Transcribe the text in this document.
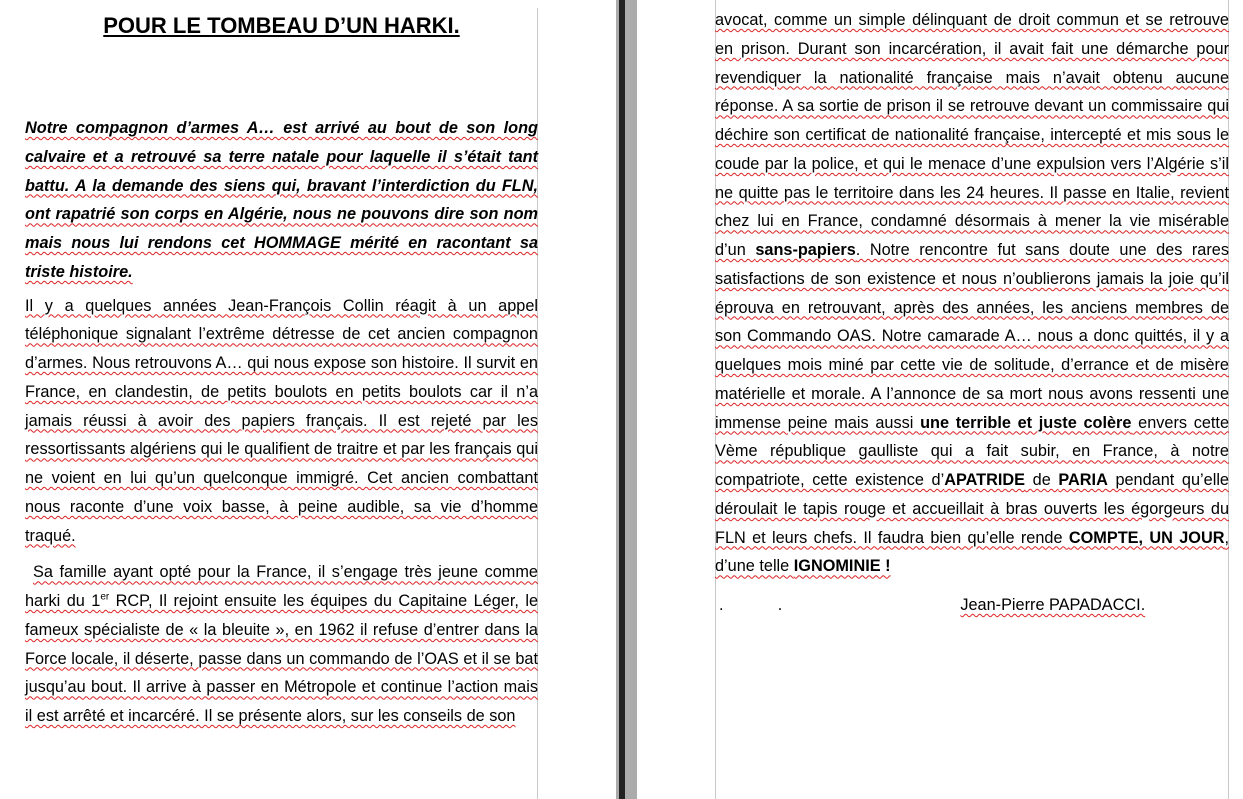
POUR LE TOMBEAU D’UN HARKI.

Notre compagnon d’armes A… est arrivé au bout de son long calvaire et a retrouvé sa terre natale pour laquelle il s’était tant battu. A la demande des siens qui, bravant l’interdiction du FLN, ont rapatrié son corps en Algérie, nous ne pouvons dire son nom mais nous lui rendons cet HOMMAGE mérité en racontant sa triste histoire.

Il y a quelques années Jean-François Collin réagit à un appel téléphonique signalant l’extrême détresse de cet ancien compagnon d’armes. Nous retrouvons A… qui nous expose son histoire. Il survit en France, en clandestin, de petits boulots en petits boulots car il n’a jamais réussi à avoir des papiers français. Il est rejeté par les ressortissants algériens qui le qualifient de traitre et par les français qui ne voient en lui qu’un quelconque immigré. Cet ancien combattant nous raconte d’une voix basse, à peine audible, sa vie d’homme traqué.

Sa famille ayant opté pour la France, il s’engage très jeune comme harki du 1er RCP, Il rejoint ensuite les équipes du Capitaine Léger, le fameux spécialiste de « la bleuite », en 1962 il refuse d’entrer dans la Force locale, il déserte, passe dans un commando de l’OAS et il se bat jusqu’au bout. Il arrive à passer en Métropole et continue l’action mais il est arrêté et incarcéré. Il se présente alors, sur les conseils de son

avocat, comme un simple délinquant de droit commun et se retrouve en prison. Durant son incarcération, il avait fait une démarche pour revendiquer la nationalité française mais n’avait obtenu aucune réponse. A sa sortie de prison il se retrouve devant un commissaire qui déchire son certificat de nationalité française, intercepté et mis sous le coude par la police, et qui le menace d’une expulsion vers l’Algérie s’il ne quitte pas le territoire dans les 24 heures. Il passe en Italie, revient chez lui en France, condamné désormais à mener la vie misérable d’un sans-papiers. Notre rencontre fut sans doute une des rares satisfactions de son existence et nous n’oublierons jamais la joie qu’il éprouva en retrouvant, après des années, les anciens membres de son Commando OAS. Notre camarade A… nous a donc quittés, il y a quelques mois miné par cette vie de solitude, d’errance et de misère matérielle et morale. A l’annonce de sa mort nous avons ressenti une immense peine mais aussi une terrible et juste colère envers cette Vème république gaulliste qui a fait subir, en France, à notre compatriote, cette existence d’APATRIDE de PARIA pendant qu’elle déroulait le tapis rouge et accueillait à bras ouverts les égorgeurs du FLN et leurs chefs. Il faudra bien qu’elle rende COMPTE, UN JOUR, d’une telle IGNOMINIE !

.            .	Jean-Pierre PAPADACCI.
